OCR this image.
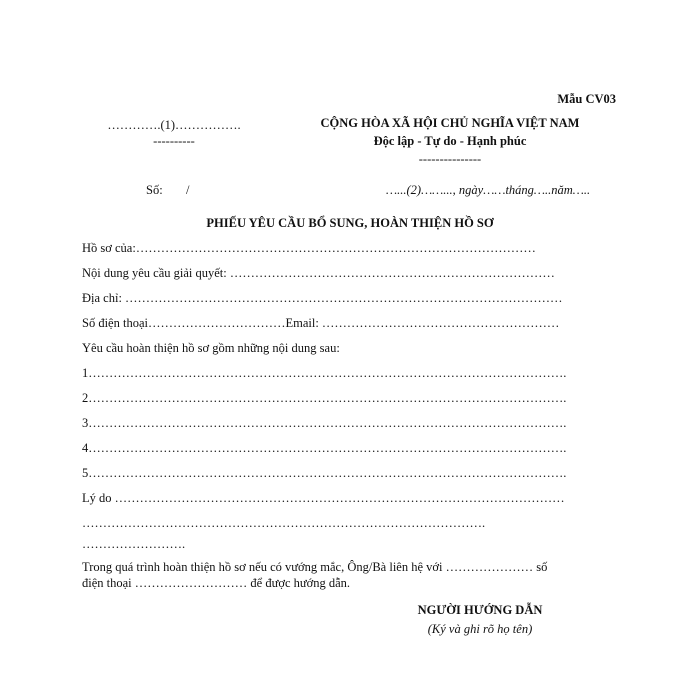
Mẫu CV03
………….(1)…………….
----------
CỘNG HÒA XÃ HỘI CHỦ NGHĨA VIỆT NAM
Độc lập - Tự do - Hạnh phúc
---------------
Số: /	…...(2)……..., ngày……tháng…..năm…..
PHIẾU YÊU CẦU BỔ SUNG, HOÀN THIỆN HỒ SƠ
Hồ sơ của:……………………………………………………………………………………
Nội dung yêu cầu giải quyết: ……………………………………………………………………
Địa chỉ: ……………………………………………………………………………………………
Số điện thoại……………………………Email: …………………………………………………
Yêu cầu hoàn thiện hồ sơ gồm những nội dung sau:
1…………………………………………………………………………………………………….
2…………………………………………………………………………………………………….
3…………………………………………………………………………………………………….
4…………………………………………………………………………………………………….
5…………………………………………………………………………………………………….
Lý do ………………………………………………………………………………………………
…………………………………………………………………………………….
…………………….
Trong quá trình hoàn thiện hồ sơ nếu có vướng mắc, Ông/Bà liên hệ với ………………… số
điện thoại ……………………… để được hướng dẫn.
NGƯỜI HƯỚNG DẪN
(Ký và ghi rõ họ tên)
